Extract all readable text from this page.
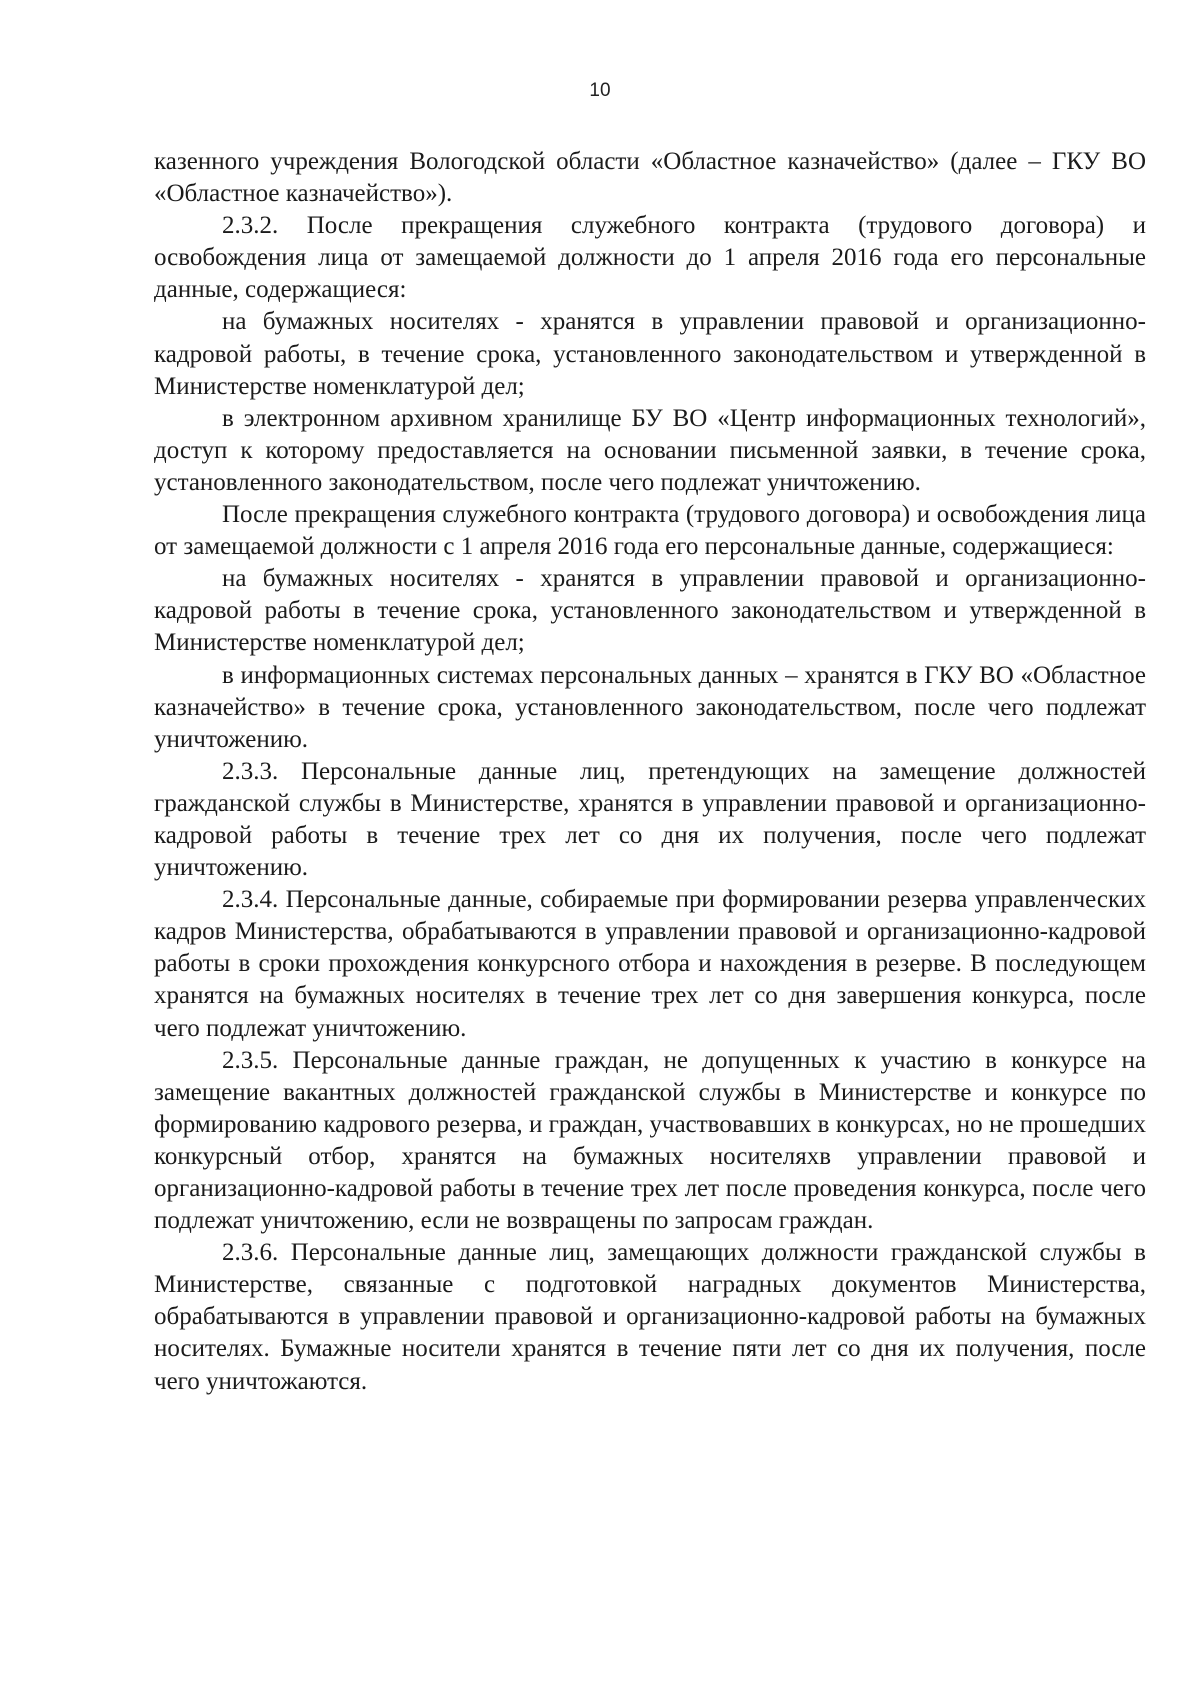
10

казенного учреждения Вологодской области «Областное казначейство» (далее – ГКУ ВО «Областное казначейство»).

2.3.2. После прекращения служебного контракта (трудового договора) и освобождения лица от замещаемой должности до 1 апреля 2016 года его персональные данные, содержащиеся:

на бумажных носителях - хранятся в управлении правовой и организационно-кадровой работы, в течение срока, установленного законодательством и утвержденной в Министерстве номенклатурой дел;

в электронном архивном хранилище БУ ВО «Центр информационных технологий», доступ к которому предоставляется на основании письменной заявки, в течение срока, установленного законодательством, после чего подлежат уничтожению.

После прекращения служебного контракта (трудового договора) и освобождения лица от замещаемой должности с 1 апреля 2016 года его персональные данные, содержащиеся:

на бумажных носителях - хранятся в управлении правовой и организационно-кадровой работы в течение срока, установленного законодательством и утвержденной в Министерстве номенклатурой дел;

в информационных системах персональных данных – хранятся в ГКУ ВО «Областное казначейство» в течение срока, установленного законодательством, после чего подлежат уничтожению.

2.3.3. Персональные данные лиц, претендующих на замещение должностей гражданской службы в Министерстве, хранятся в управлении правовой и организационно-кадровой работы в течение трех лет со дня их получения, после чего подлежат уничтожению.

2.3.4. Персональные данные, собираемые при формировании резерва управленческих кадров Министерства, обрабатываются в управлении правовой и организационно-кадровой работы в сроки прохождения конкурсного отбора и нахождения в резерве. В последующем хранятся на бумажных носителях в течение трех лет со дня завершения конкурса, после чего подлежат уничтожению.

2.3.5. Персональные данные граждан, не допущенных к участию в конкурсе на замещение вакантных должностей гражданской службы в Министерстве и конкурсе по формированию кадрового резерва, и граждан, участвовавших в конкурсах, но не прошедших конкурсный отбор, хранятся на бумажных носителяхв управлении правовой и организационно-кадровой работы в течение трех лет после проведения конкурса, после чего подлежат уничтожению, если не возвращены по запросам граждан.

2.3.6. Персональные данные лиц, замещающих должности гражданской службы в Министерстве, связанные с подготовкой наградных документов Министерства, обрабатываются в управлении правовой и организационно-кадровой работы на бумажных носителях. Бумажные носители хранятся в течение пяти лет со дня их получения, после чего уничтожаются.
